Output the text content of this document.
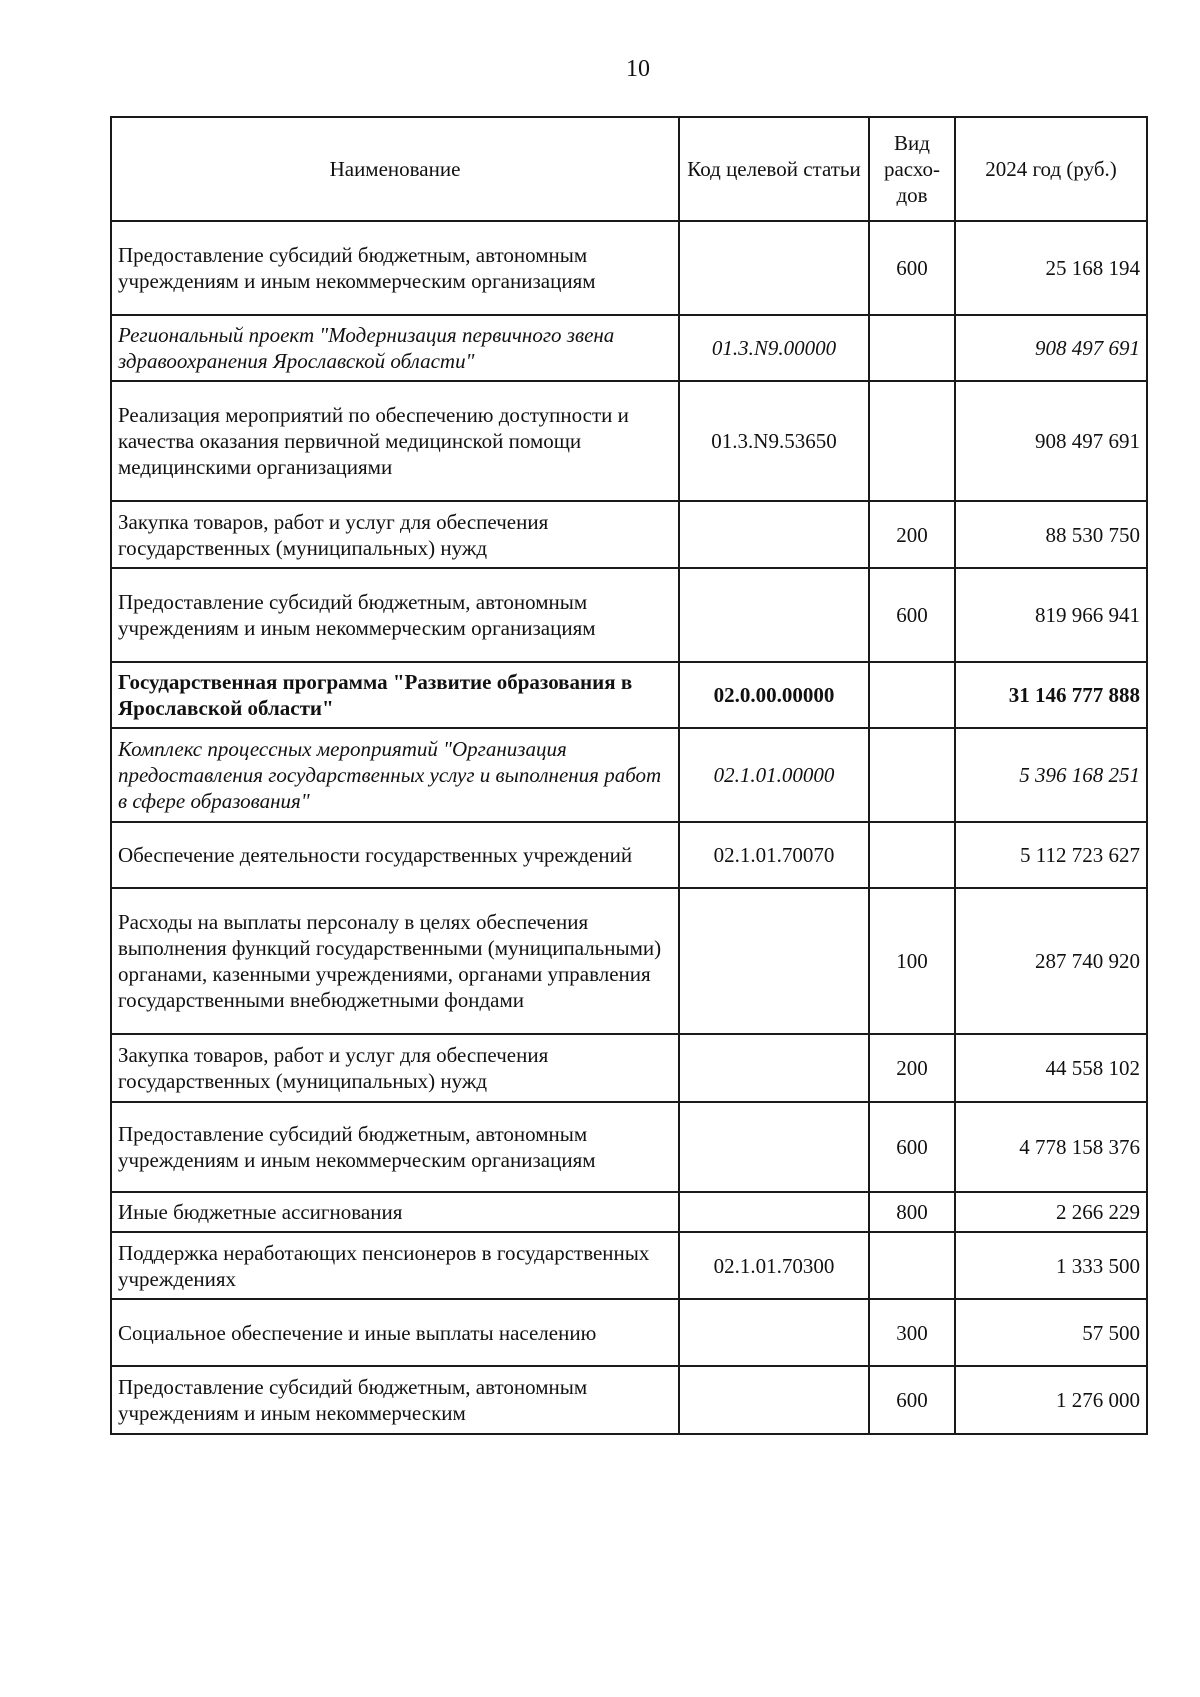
10
Наименование	Код целевой статьи	Вид расхо-дов	2024 год (руб.)
Предоставление субсидий бюджетным, автономным учреждениям и иным некоммерческим организациям		600	25 168 194
Региональный проект "Модернизация первичного звена здравоохранения Ярославской области"	01.3.N9.00000		908 497 691
Реализация мероприятий по обеспечению доступности и качества оказания первичной медицинской помощи медицинскими организациями	01.3.N9.53650		908 497 691
Закупка товаров, работ и услуг для обеспечения государственных (муниципальных) нужд		200	88 530 750
Предоставление субсидий бюджетным, автономным учреждениям и иным некоммерческим организациям		600	819 966 941
Государственная программа "Развитие образования в Ярославской области"	02.0.00.00000		31 146 777 888
Комплекс процессных мероприятий "Организация предоставления государственных услуг и выполнения работ в сфере образования"	02.1.01.00000		5 396 168 251
Обеспечение деятельности государственных учреждений	02.1.01.70070		5 112 723 627
Расходы на выплаты персоналу в целях обеспечения выполнения функций государственными (муниципальными) органами, казенными учреждениями, органами управления государственными внебюджетными фондами		100	287 740 920
Закупка товаров, работ и услуг для обеспечения государственных (муниципальных) нужд		200	44 558 102
Предоставление субсидий бюджетным, автономным учреждениям и иным некоммерческим организациям		600	4 778 158 376
Иные бюджетные ассигнования		800	2 266 229
Поддержка неработающих пенсионеров в государственных учреждениях	02.1.01.70300		1 333 500
Социальное обеспечение и иные выплаты населению		300	57 500
Предоставление субсидий бюджетным, автономным учреждениям и иным некоммерческим		600	1 276 000
